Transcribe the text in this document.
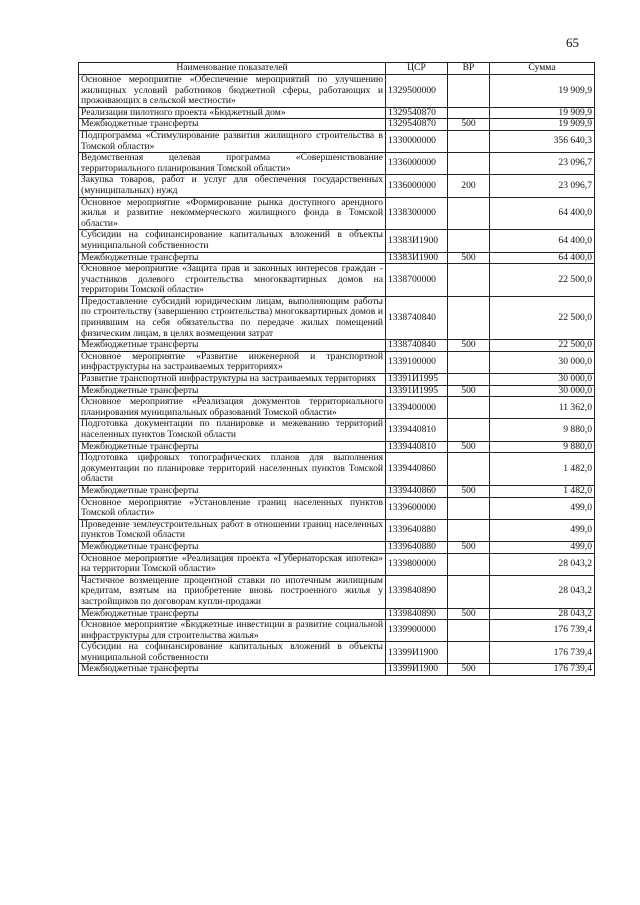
65
Наименование показателей	ЦСР	ВР	Сумма
Основное мероприятие «Обеспечение мероприятий по улучшению жилищных условий работников бюджетной сферы, работающих и проживающих в сельской местности»	1329500000		19 909,9
Реализация пилотного проекта «Бюджетный дом»	1329540870		19 909,9
Межбюджетные трансферты	1329540870	500	19 909,9
Подпрограмма «Стимулирование развития жилищного строительства в Томской области»	1330000000		356 640,3
Ведомственная целевая программа «Совершенствование территориального планирования Томской области»	1336000000		23 096,7
Закупка товаров, работ и услуг для обеспечения государственных (муниципальных) нужд	1336000000	200	23 096,7
Основное мероприятие «Формирование рынка доступного арендного жилья и развитие некоммерческого жилищного фонда в Томской области»	1338300000		64 400,0
Субсидии на софинансирование капитальных вложений в объекты муниципальной собственности	13383И1900		64 400,0
Межбюджетные трансферты	13383И1900	500	64 400,0
Основное мероприятие «Защита прав и законных интересов граждан - участников долевого строительства многоквартирных домов на территории Томской области»	1338700000		22 500,0
Предоставление субсидий юридическим лицам, выполняющим работы по строительству (завершению строительства) многоквартирных домов и принявшим на себя обязательства по передаче жилых помещений физическим лицам, в целях возмещения затрат	1338740840		22 500,0
Межбюджетные трансферты	1338740840	500	22 500,0
Основное мероприятие «Развитие инженерной и транспортной инфраструктуры на застраиваемых территориях»	1339100000		30 000,0
Развитие транспортной инфраструктуры на застраиваемых территориях	13391И1995		30 000,0
Межбюджетные трансферты	13391И1995	500	30 000,0
Основное мероприятие «Реализация документов территориального планирования муниципальных образований Томской области»	1339400000		11 362,0
Подготовка документации по планировке и межеванию территорий населенных пунктов Томской области	1339440810		9 880,0
Межбюджетные трансферты	1339440810	500	9 880,0
Подготовка цифровых топографических планов для выполнения документации по планировке территорий населенных пунктов Томской области	1339440860		1 482,0
Межбюджетные трансферты	1339440860	500	1 482,0
Основное мероприятие «Установление границ населенных пунктов Томской области»	1339600000		499,0
Проведение землеустроительных работ в отношении границ населенных пунктов Томской области	1339640880		499,0
Межбюджетные трансферты	1339640880	500	499,0
Основное мероприятие «Реализация проекта «Губернаторская ипотека» на территории Томской области»	1339800000		28 043,2
Частичное возмещение процентной ставки по ипотечным жилищным кредитам, взятым на приобретение вновь построенного жилья у застройщиков по договорам купли-продажи	1339840890		28 043,2
Межбюджетные трансферты	1339840890	500	28 043,2
Основное мероприятие «Бюджетные инвестиции в развитие социальной инфраструктуры для строительства жилья»	1339900000		176 739,4
Субсидии на софинансирование капитальных вложений в объекты муниципальной собственности	13399И1900		176 739,4
Межбюджетные трансферты	13399И1900	500	176 739,4
